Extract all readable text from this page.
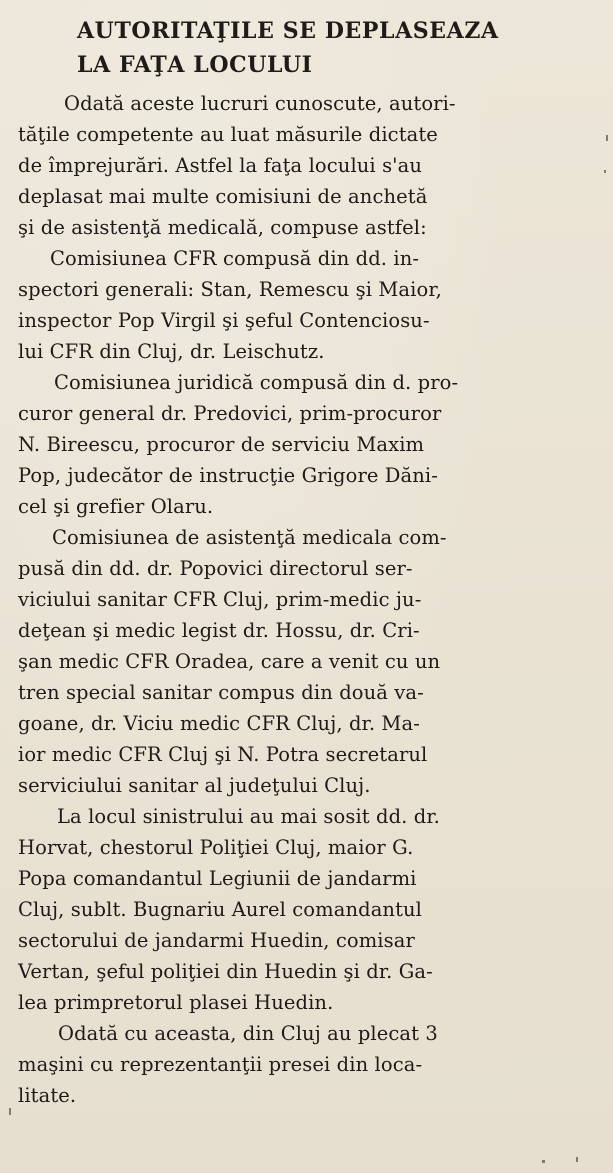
AUTORITAŢILE SE DEPLASEAZA
LA FAŢA LOCULUI
Odată aceste lucruri cunoscute, autori-
tăţile competente au luat măsurile dictate
de împrejurări. Astfel la faţa locului s'au
deplasat mai multe comisiuni de anchetă
şi de asistenţă medicală, compuse astfel:
Comisiunea CFR compusă din dd. in-
spectori generali: Stan, Remescu şi Maior,
inspector Pop Virgil şi şeful Contenciosu-
lui CFR din Cluj, dr. Leischutz.
Comisiunea juridică compusă din d. pro-
curor general dr. Predovici, prim-procuror
N. Bireescu, procuror de serviciu Maxim
Pop, judecător de instrucţie Grigore Dăni-
cel şi grefier Olaru.
Comisiunea de asistenţă medicala com-
pusă din dd. dr. Popovici directorul ser-
viciului sanitar CFR Cluj, prim-medic ju-
deţean şi medic legist dr. Hossu, dr. Cri-
şan medic CFR Oradea, care a venit cu un
tren special sanitar compus din două va-
goane, dr. Viciu medic CFR Cluj, dr. Ma-
ior medic CFR Cluj şi N. Potra secretarul
serviciului sanitar al judeţului Cluj.
La locul sinistrului au mai sosit dd. dr.
Horvat, chestorul Poliţiei Cluj, maior G.
Popa comandantul Legiunii de jandarmi
Cluj, sublt. Bugnariu Aurel comandantul
sectorului de jandarmi Huedin, comisar
Vertan, şeful poliţiei din Huedin şi dr. Ga-
lea primpretorul plasei Huedin.
Odată cu aceasta, din Cluj au plecat 3
maşini cu reprezentanţii presei din loca-
litate.
